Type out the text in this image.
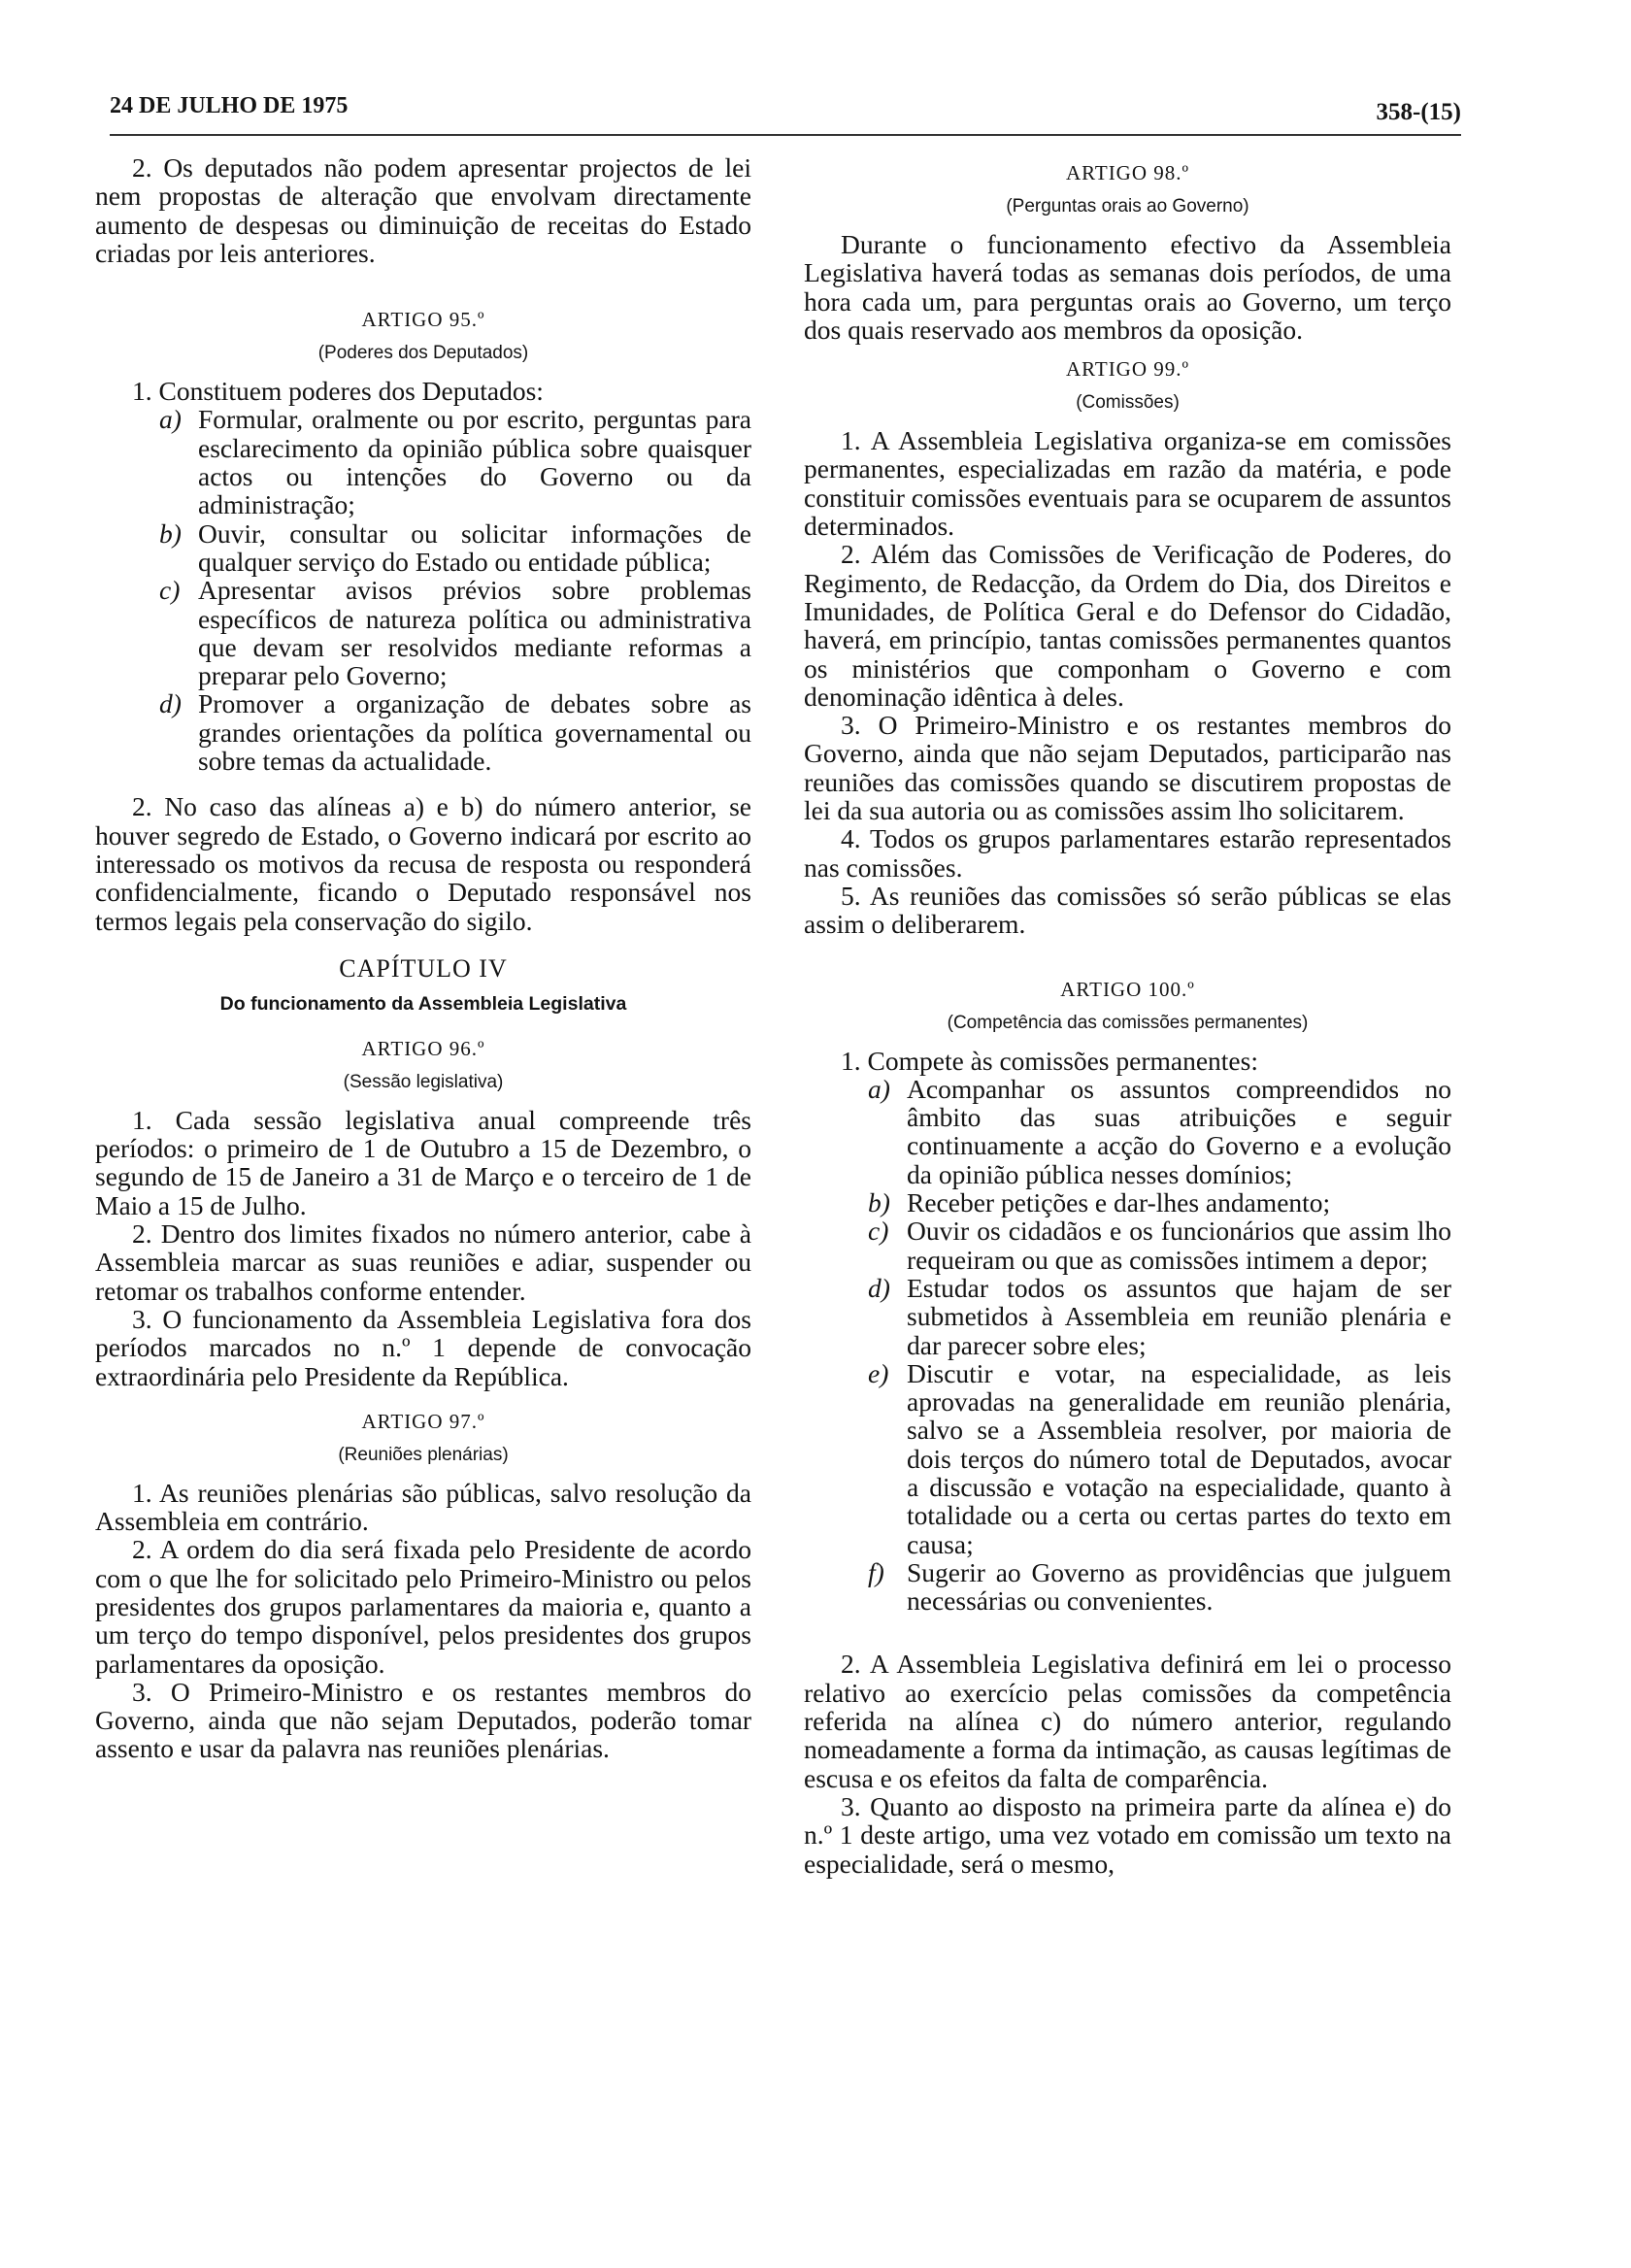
24 DE JULHO DE 1975	358-(15)

2. Os deputados não podem apresentar projectos de lei nem propostas de alteração que envolvam directamente aumento de despesas ou diminuição de receitas do Estado criadas por leis anteriores.

ARTIGO 95.º

(Poderes dos Deputados)

1. Constituem poderes dos Deputados:

a) Formular, oralmente ou por escrito, perguntas para esclarecimento da opinião pública sobre quaisquer actos ou intenções do Governo ou da administração;
b) Ouvir, consultar ou solicitar informações de qualquer serviço do Estado ou entidade pública;
c) Apresentar avisos prévios sobre problemas específicos de natureza política ou administrativa que devam ser resolvidos mediante reformas a preparar pelo Governo;
d) Promover a organização de debates sobre as grandes orientações da política governamental ou sobre temas da actualidade.

2. No caso das alíneas a) e b) do número anterior, se houver segredo de Estado, o Governo indicará por escrito ao interessado os motivos da recusa de resposta ou responderá confidencialmente, ficando o Deputado responsável nos termos legais pela conservação do sigilo.

CAPÍTULO IV

Do funcionamento da Assembleia Legislativa

ARTIGO 96.º

(Sessão legislativa)

1. Cada sessão legislativa anual compreende três períodos: o primeiro de 1 de Outubro a 15 de Dezembro, o segundo de 15 de Janeiro a 31 de Março e o terceiro de 1 de Maio a 15 de Julho.

2. Dentro dos limites fixados no número anterior, cabe à Assembleia marcar as suas reuniões e adiar, suspender ou retomar os trabalhos conforme entender.

3. O funcionamento da Assembleia Legislativa fora dos períodos marcados no n.º 1 depende de convocação extraordinária pelo Presidente da República.

ARTIGO 97.º

(Reuniões plenárias)

1. As reuniões plenárias são públicas, salvo resolução da Assembleia em contrário.

2. A ordem do dia será fixada pelo Presidente de acordo com o que lhe for solicitado pelo Primeiro-Ministro ou pelos presidentes dos grupos parlamentares da maioria e, quanto a um terço do tempo disponível, pelos presidentes dos grupos parlamentares da oposição.

3. O Primeiro-Ministro e os restantes membros do Governo, ainda que não sejam Deputados, poderão tomar assento e usar da palavra nas reuniões plenárias.

ARTIGO 98.º

(Perguntas orais ao Governo)

Durante o funcionamento efectivo da Assembleia Legislativa haverá todas as semanas dois períodos, de uma hora cada um, para perguntas orais ao Governo, um terço dos quais reservado aos membros da oposição.

ARTIGO 99.º

(Comissões)

1. A Assembleia Legislativa organiza-se em comissões permanentes, especializadas em razão da matéria, e pode constituir comissões eventuais para se ocuparem de assuntos determinados.

2. Além das Comissões de Verificação de Poderes, do Regimento, de Redacção, da Ordem do Dia, dos Direitos e Imunidades, de Política Geral e do Defensor do Cidadão, haverá, em princípio, tantas comissões permanentes quantos os ministérios que componham o Governo e com denominação idêntica à deles.

3. O Primeiro-Ministro e os restantes membros do Governo, ainda que não sejam Deputados, participarão nas reuniões das comissões quando se discutirem propostas de lei da sua autoria ou as comissões assim lho solicitarem.

4. Todos os grupos parlamentares estarão representados nas comissões.

5. As reuniões das comissões só serão públicas se elas assim o deliberarem.

ARTIGO 100.º

(Competência das comissões permanentes)

1. Compete às comissões permanentes:

a) Acompanhar os assuntos compreendidos no âmbito das suas atribuições e seguir continuamente a acção do Governo e a evolução da opinião pública nesses domínios;
b) Receber petições e dar-lhes andamento;
c) Ouvir os cidadãos e os funcionários que assim lho requeiram ou que as comissões intimem a depor;
d) Estudar todos os assuntos que hajam de ser submetidos à Assembleia em reunião plenária e dar parecer sobre eles;
e) Discutir e votar, na especialidade, as leis aprovadas na generalidade em reunião plenária, salvo se a Assembleia resolver, por maioria de dois terços do número total de Deputados, avocar a discussão e votação na especialidade, quanto à totalidade ou a certa ou certas partes do texto em causa;
f) Sugerir ao Governo as providências que julguem necessárias ou convenientes.

2. A Assembleia Legislativa definirá em lei o processo relativo ao exercício pelas comissões da competência referida na alínea c) do número anterior, regulando nomeadamente a forma da intimação, as causas legítimas de escusa e os efeitos da falta de comparência.

3. Quanto ao disposto na primeira parte da alínea e) do n.º 1 deste artigo, uma vez votado em comissão um texto na especialidade, será o mesmo,
